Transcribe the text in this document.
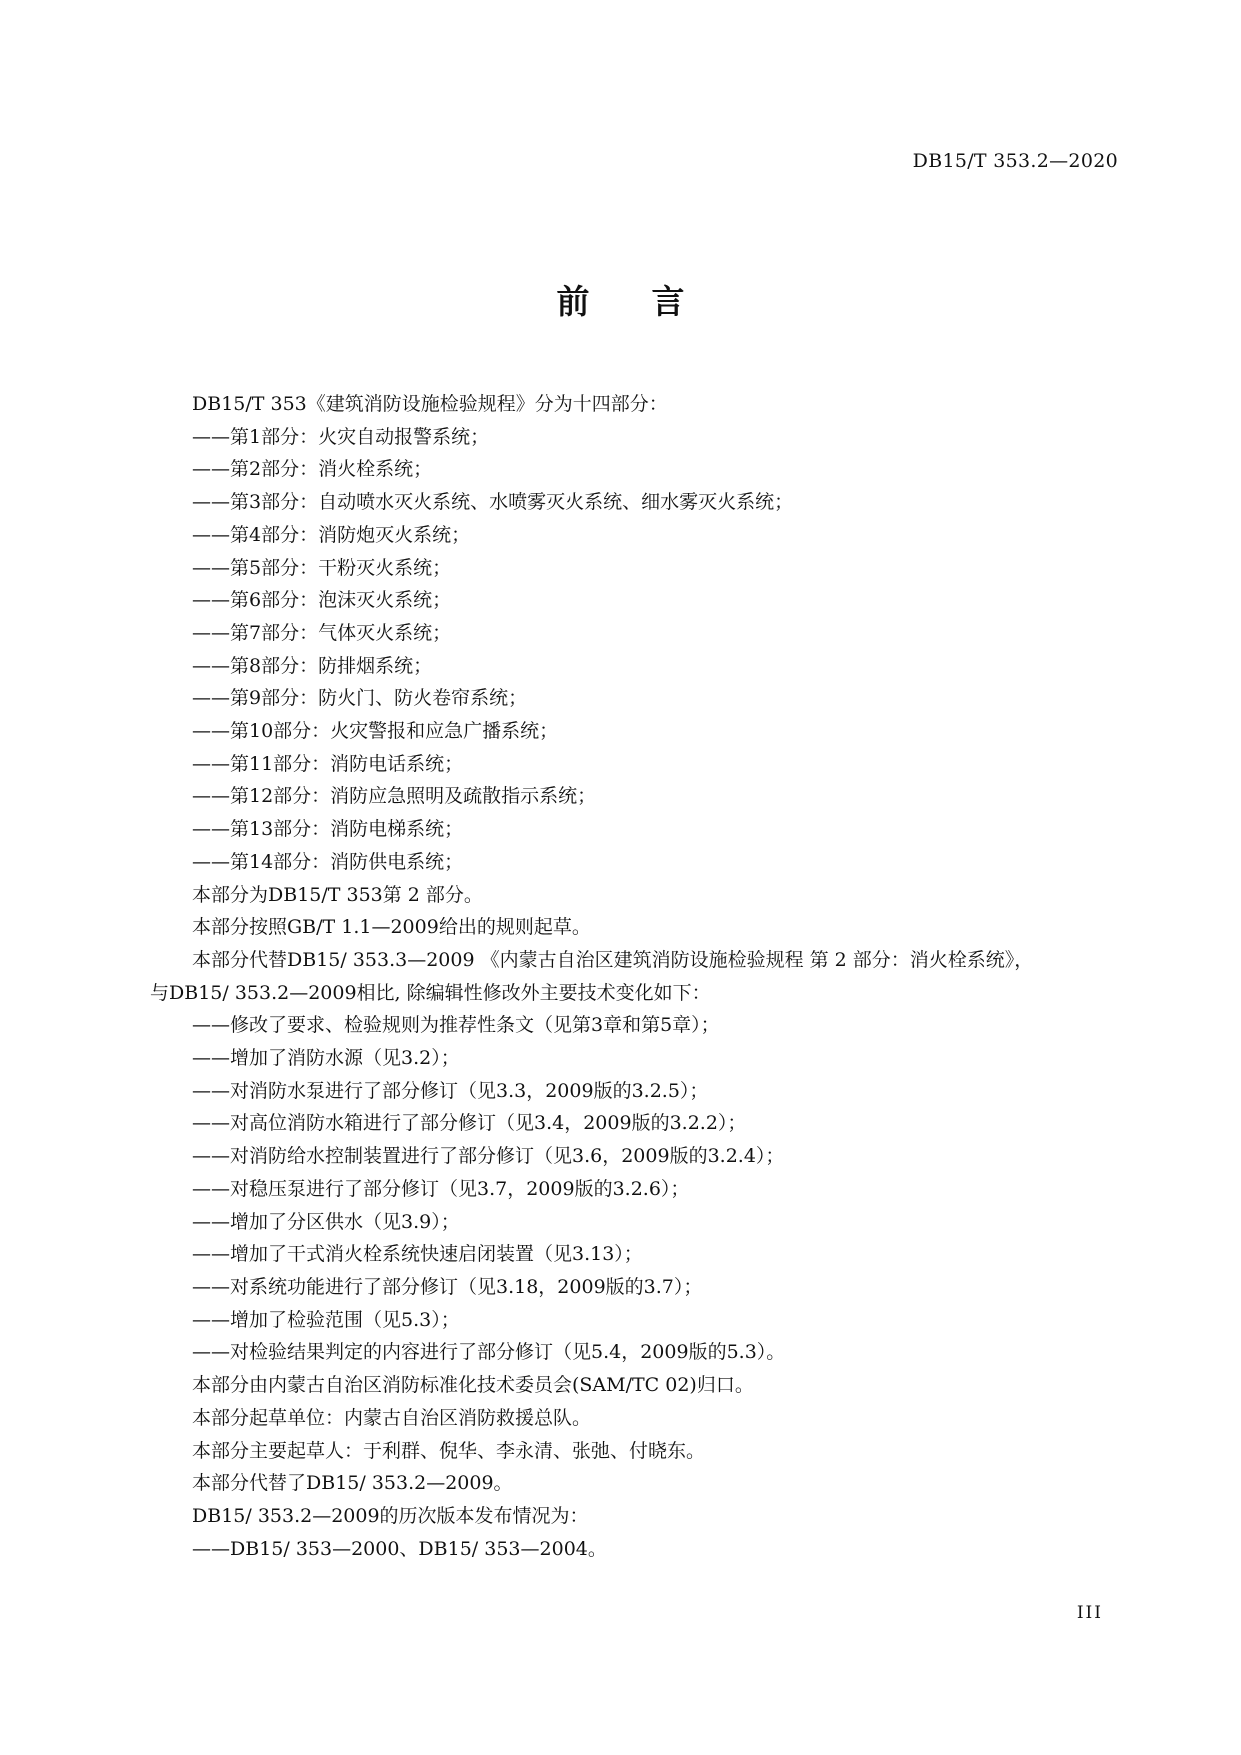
DB15/T 353.2—2020
前言
DB15/T 353《建筑消防设施检验规程》分为十四部分：
——第1部分：火灾自动报警系统；
——第2部分：消火栓系统；
——第3部分：自动喷水灭火系统、水喷雾灭火系统、细水雾灭火系统；
——第4部分：消防炮灭火系统；
——第5部分：干粉灭火系统；
——第6部分：泡沫灭火系统；
——第7部分：气体灭火系统；
——第8部分：防排烟系统；
——第9部分：防火门、防火卷帘系统；
——第10部分：火灾警报和应急广播系统；
——第11部分：消防电话系统；
——第12部分：消防应急照明及疏散指示系统；
——第13部分：消防电梯系统；
——第14部分：消防供电系统；
本部分为DB15/T 353第 2 部分。
本部分按照GB/T 1.1—2009给出的规则起草。
本部分代替DB15/ 353.3—2009 《内蒙古自治区建筑消防设施检验规程 第 2 部分：消火栓系统》，
与DB15/ 353.2—2009相比, 除编辑性修改外主要技术变化如下：
——修改了要求、检验规则为推荐性条文（见第3章和第5章）；
——增加了消防水源（见3.2）；
——对消防水泵进行了部分修订（见3.3，2009版的3.2.5）；
——对高位消防水箱进行了部分修订（见3.4，2009版的3.2.2）；
——对消防给水控制装置进行了部分修订（见3.6，2009版的3.2.4）；
——对稳压泵进行了部分修订（见3.7，2009版的3.2.6）；
——增加了分区供水（见3.9）；
——增加了干式消火栓系统快速启闭装置（见3.13）；
——对系统功能进行了部分修订（见3.18，2009版的3.7）；
——增加了检验范围（见5.3）；
——对检验结果判定的内容进行了部分修订（见5.4，2009版的5.3）。
本部分由内蒙古自治区消防标准化技术委员会(SAM/TC 02)归口。
本部分起草单位：内蒙古自治区消防救援总队。
本部分主要起草人：于利群、倪华、李永清、张弛、付晓东。
本部分代替了DB15/ 353.2—2009。
DB15/ 353.2—2009的历次版本发布情况为：
——DB15/ 353—2000、DB15/ 353—2004。
III
